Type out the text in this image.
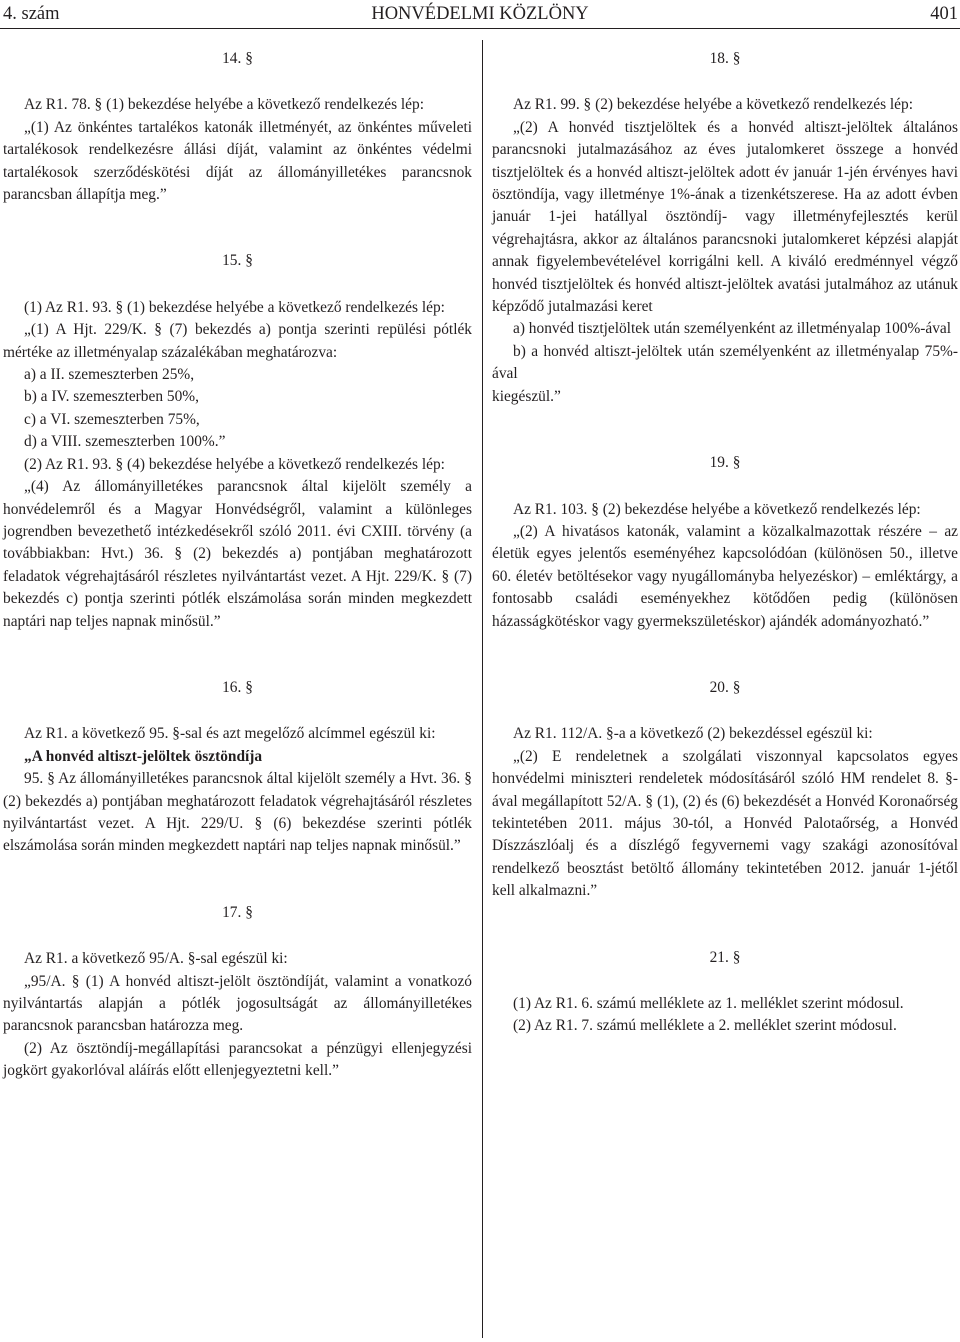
4. szám	HONVÉDELMI KÖZLÖNY	401

14. §

Az R1. 78. § (1) bekezdése helyébe a következő rendelkezés lép:

„(1) Az önkéntes tartalékos katonák illetményét, az önkéntes műveleti tartalékosok rendelkezésre állási díját, valamint az önkéntes védelmi tartalékosok szerződéskötési díját az állományilletékes parancsnok parancsban állapítja meg.”

15. §

(1) Az R1. 93. § (1) bekezdése helyébe a következő rendelkezés lép:

„(1) A Hjt. 229/K. § (7) bekezdés a) pontja szerinti repülési pótlék mértéke az illetményalap százalékában meghatározva:

a) a II. szemeszterben 25%,

b) a IV. szemeszterben 50%,

c) a VI. szemeszterben 75%,

d) a VIII. szemeszterben 100%.”

(2) Az R1. 93. § (4) bekezdése helyébe a következő rendelkezés lép:

„(4) Az állományilletékes parancsnok által kijelölt személy a honvédelemről és a Magyar Honvédségről, valamint a különleges jogrendben bevezethető intézkedésekről szóló 2011. évi CXIII. törvény (a továbbiakban: Hvt.) 36. § (2) bekezdés a) pontjában meghatározott feladatok végrehajtásáról részletes nyilvántartást vezet. A Hjt. 229/K. § (7) bekezdés c) pontja szerinti pótlék elszámolása során minden megkezdett naptári nap teljes napnak minősül.”

16. §

Az R1. a következő 95. §-sal és azt megelőző alcímmel egészül ki:

„A honvéd altiszt-jelöltek ösztöndíja

95. § Az állományilletékes parancsnok által kijelölt személy a Hvt. 36. § (2) bekezdés a) pontjában meghatározott feladatok végrehajtásáról részletes nyilvántartást vezet. A Hjt. 229/U. § (6) bekezdése szerinti pótlék elszámolása során minden megkezdett naptári nap teljes napnak minősül.”

17. §

Az R1. a következő 95/A. §-sal egészül ki:

„95/A. § (1) A honvéd altiszt-jelölt ösztöndíját, valamint a vonatkozó nyilvántartás alapján a pótlék jogosultságát az állományilletékes parancsnok parancsban határozza meg.

(2) Az ösztöndíj-megállapítási parancsokat a pénzügyi ellenjegyzési jogkört gyakorlóval aláírás előtt ellenjegyeztetni kell.”

18. §

Az R1. 99. § (2) bekezdése helyébe a következő rendelkezés lép:

„(2) A honvéd tisztjelöltek és a honvéd altiszt-jelöltek általános parancsnoki jutalmazásához az éves jutalomkeret összege a honvéd tisztjelöltek és a honvéd altiszt-jelöltek adott év január 1-jén érvényes havi ösztöndíja, vagy illetménye 1%-ának a tizenkétszerese. Ha az adott évben január 1-jei hatállyal ösztöndíj- vagy illetményfejlesztés kerül végrehajtásra, akkor az általános parancsnoki jutalomkeret képzési alapját annak figyelembevételével korrigálni kell. A kiváló eredménnyel végző honvéd tisztjelöltek és honvéd altiszt-jelöltek avatási jutalmához az utánuk képződő jutalmazási keret

a) honvéd tisztjelöltek után személyenként az illetményalap 100%-ával

b) a honvéd altiszt-jelöltek után személyenként az illetményalap 75%-ával

kiegészül.”

19. §

Az R1. 103. § (2) bekezdése helyébe a következő rendelkezés lép:

„(2) A hivatásos katonák, valamint a közalkalmazottak részére – az életük egyes jelentős eseményéhez kapcsolódóan (különösen 50., illetve 60. életév betöltésekor vagy nyugállományba helyezéskor) – emléktárgy, a fontosabb családi eseményekhez kötődően pedig (különösen házasságkötéskor vagy gyermekszületéskor) ajándék adományozható.”

20. §

Az R1. 112/A. §-a a következő (2) bekezdéssel egészül ki:

„(2) E rendeletnek a szolgálati viszonnyal kapcsolatos egyes honvédelmi miniszteri rendeletek módosításáról szóló HM rendelet 8. §-ával megállapított 52/A. § (1), (2) és (6) bekezdését a Honvéd Koronaőrség tekintetében 2011. május 30-tól, a Honvéd Palotaőrség, a Honvéd Díszzászlóalj és a díszlégő fegyvernemi vagy szakági azonosítóval rendelkező beosztást betöltő állomány tekintetében 2012. január 1-jétől kell alkalmazni.”

21. §

(1) Az R1. 6. számú melléklete az 1. melléklet szerint módosul.

(2) Az R1. 7. számú melléklete a 2. melléklet szerint módosul.
